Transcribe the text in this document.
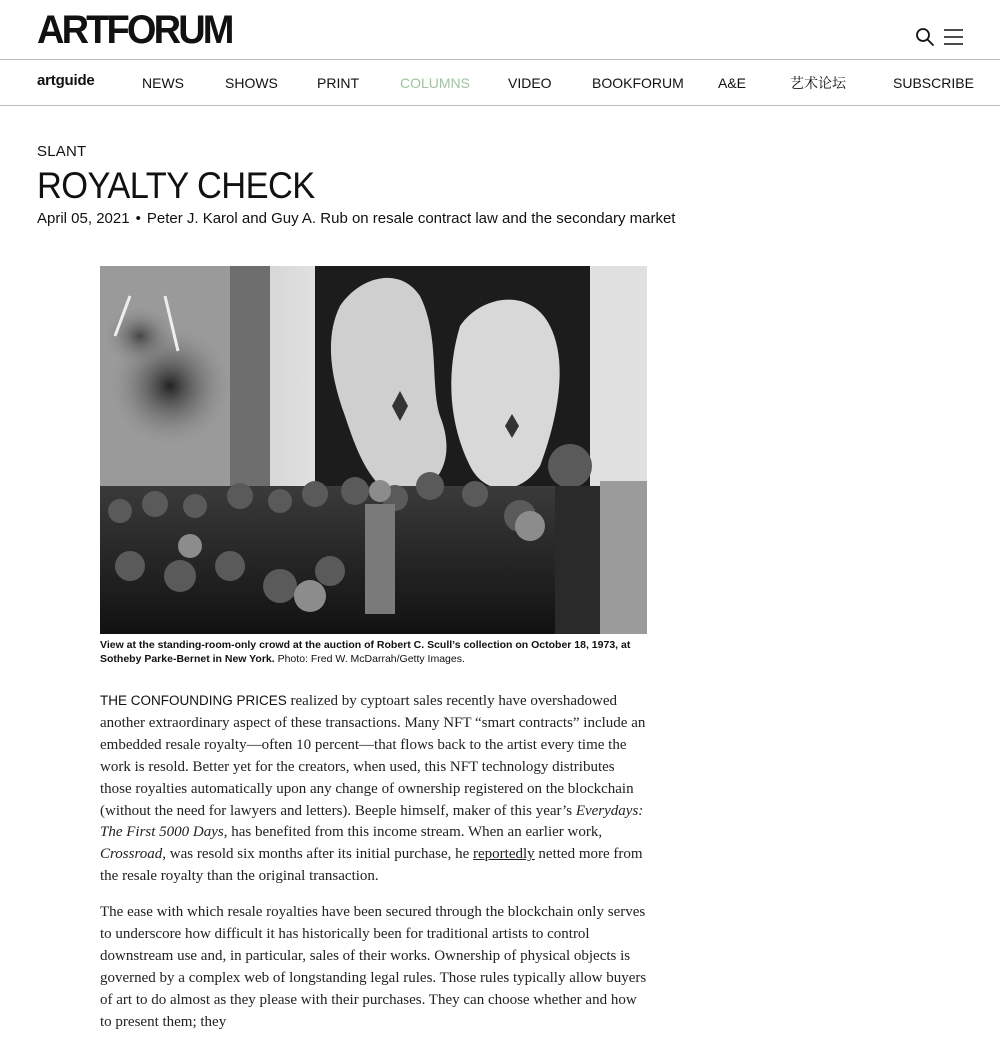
ARTFORUM
artguide	NEWS	SHOWS	PRINT	COLUMNS	VIDEO	BOOKFORUM A&E	艺术论坛	SUBSCRIBE
SLANT
ROYALTY CHECK
April 05, 2021 • Peter J. Karol and Guy A. Rub on resale contract law and the secondary market
View at the standing-room-only crowd at the auction of Robert C. Scull’s collection on October 18, 1973, at Sotheby Parke-Bernet in New York. Photo: Fred W. McDarrah/Getty Images.

THE CONFOUNDING PRICES realized by cyptoart sales recently have overshadowed another extraordinary aspect of these transactions. Many NFT “smart contracts” include an embedded resale royalty—often 10 percent—that flows back to the artist every time the work is resold. Better yet for the creators, when used, this NFT technology distributes those royalties automatically upon any change of ownership registered on the blockchain (without the need for lawyers and letters). Beeple himself, maker of this year’s Everydays: The First 5000 Days, has benefited from this income stream. When an earlier work, Crossroad, was resold six months after its initial purchase, he reportedly netted more from the resale royalty than the original transaction.

The ease with which resale royalties have been secured through the blockchain only serves to underscore how difficult it has historically been for traditional artists to control downstream use and, in particular, sales of their works. Ownership of physical objects is governed by a complex web of longstanding legal rules. Those rules typically allow buyers of art to do almost as they please with their purchases. They can choose whether and how to present them; they
